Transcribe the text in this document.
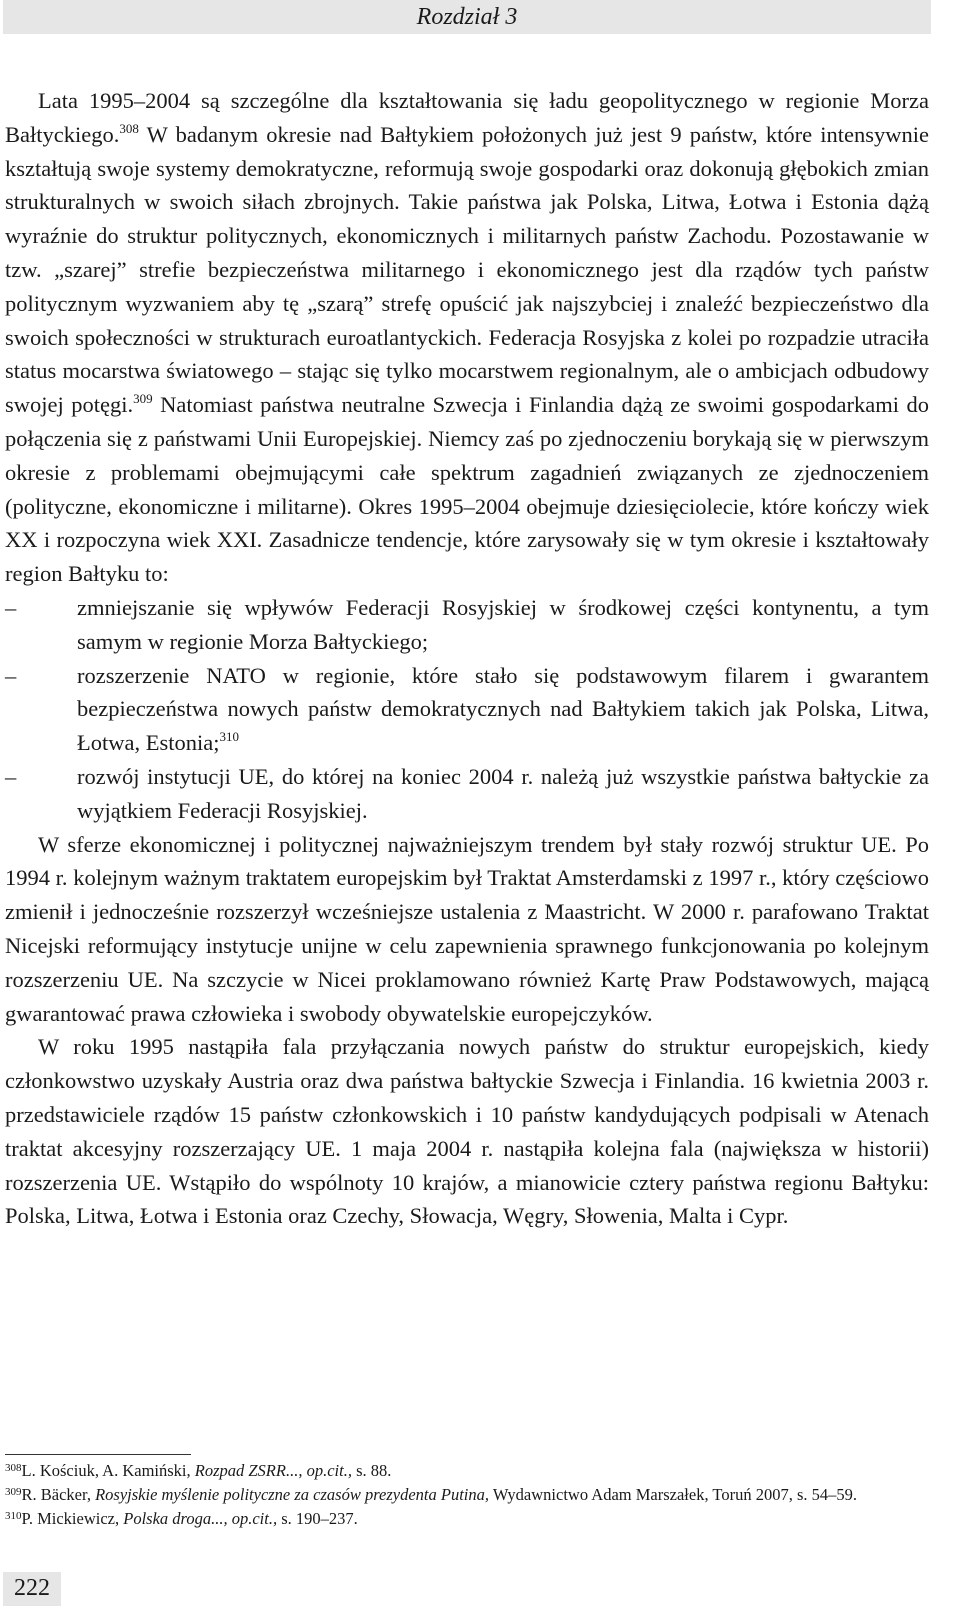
Rozdział 3

Lata 1995–2004 są szczególne dla kształtowania się ładu geopolitycznego w regionie Morza Bałtyckiego.$^{308}$ W badanym okresie nad Bałtykiem położonych już jest 9 państw, które intensywnie kształtują swoje systemy demokratyczne, reformują swoje gospodarki oraz dokonują głębokich zmian strukturalnych w swoich siłach zbrojnych. Takie państwa jak Polska, Litwa, Łotwa i Estonia dążą wyraźnie do struktur politycznych, ekonomicznych i militarnych państw Zachodu. Pozostawanie w tzw. „szarej” strefie bezpieczeństwa militarnego i ekonomicznego jest dla rządów tych państw politycznym wyzwaniem aby tę „szarą” strefę opuścić jak najszybciej i znaleźć bezpieczeństwo dla swoich społeczności w strukturach euroatlantyckich. Federacja Rosyjska z kolei po rozpadzie utraciła status mocarstwa światowego – stając się tylko mocarstwem regionalnym, ale o ambicjach odbudowy swojej potęgi.$^{309}$ Natomiast państwa neutralne Szwecja i Finlandia dążą ze swoimi gospodarkami do połączenia się z państwami Unii Europejskiej. Niemcy zaś po zjednoczeniu borykają się w pierwszym okresie z problemami obejmującymi całe spektrum zagadnień związanych ze zjednoczeniem (polityczne, ekonomiczne i militarne). Okres 1995–2004 obejmuje dziesięciolecie, które kończy wiek XX i rozpoczyna wiek XXI. Zasadnicze tendencje, które zarysowały się w tym okresie i kształtowały region Bałtyku to:

–	zmniejszanie się wpływów Federacji Rosyjskiej w środkowej części kontynentu, a tym samym w regionie Morza Bałtyckiego;
–	rozszerzenie NATO w regionie, które stało się podstawowym filarem i gwarantem bezpieczeństwa nowych państw demokratycznych nad Bałtykiem takich jak Polska, Litwa, Łotwa, Estonia;$^{310}$
–	rozwój instytucji UE, do której na koniec 2004 r. należą już wszystkie państwa bałtyckie za wyjątkiem Federacji Rosyjskiej.

W sferze ekonomicznej i politycznej najważniejszym trendem był stały rozwój struktur UE. Po 1994 r. kolejnym ważnym traktatem europejskim był Traktat Amsterdamski z 1997 r., który częściowo zmienił i jednocześnie rozszerzył wcześniejsze ustalenia z Maastricht. W 2000 r. parafowano Traktat Nicejski reformujący instytucje unijne w celu zapewnienia sprawnego funkcjonowania po kolejnym rozszerzeniu UE. Na szczycie w Nicei proklamowano również Kartę Praw Podstawowych, mającą gwarantować prawa człowieka i swobody obywatelskie europejczyków.

W roku 1995 nastąpiła fala przyłączania nowych państw do struktur europejskich, kiedy członkowstwo uzyskały Austria oraz dwa państwa bałtyckie Szwecja i Finlandia. 16 kwietnia 2003 r. przedstawiciele rządów 15 państw członkowskich i 10 państw kandydujących podpisali w Atenach traktat akcesyjny rozszerzający UE. 1 maja 2004 r. nastąpiła kolejna fala (największa w historii) rozszerzenia UE. Wstąpiło do wspólnoty 10 krajów, a mianowicie cztery państwa regionu Bałtyku: Polska, Litwa, Łotwa i Estonia oraz Czechy, Słowacja, Węgry, Słowenia, Malta i Cypr.

$^{308}$L. Kościuk, A. Kamiński, Rozpad ZSRR..., op.cit., s. 88.

$^{309}$R. Bäcker, Rosyjskie myślenie polityczne za czasów prezydenta Putina, Wydawnictwo Adam Marszałek, Toruń 2007, s. 54–59.

$^{310}$P. Mickiewicz, Polska droga..., op.cit., s. 190–237.

222
